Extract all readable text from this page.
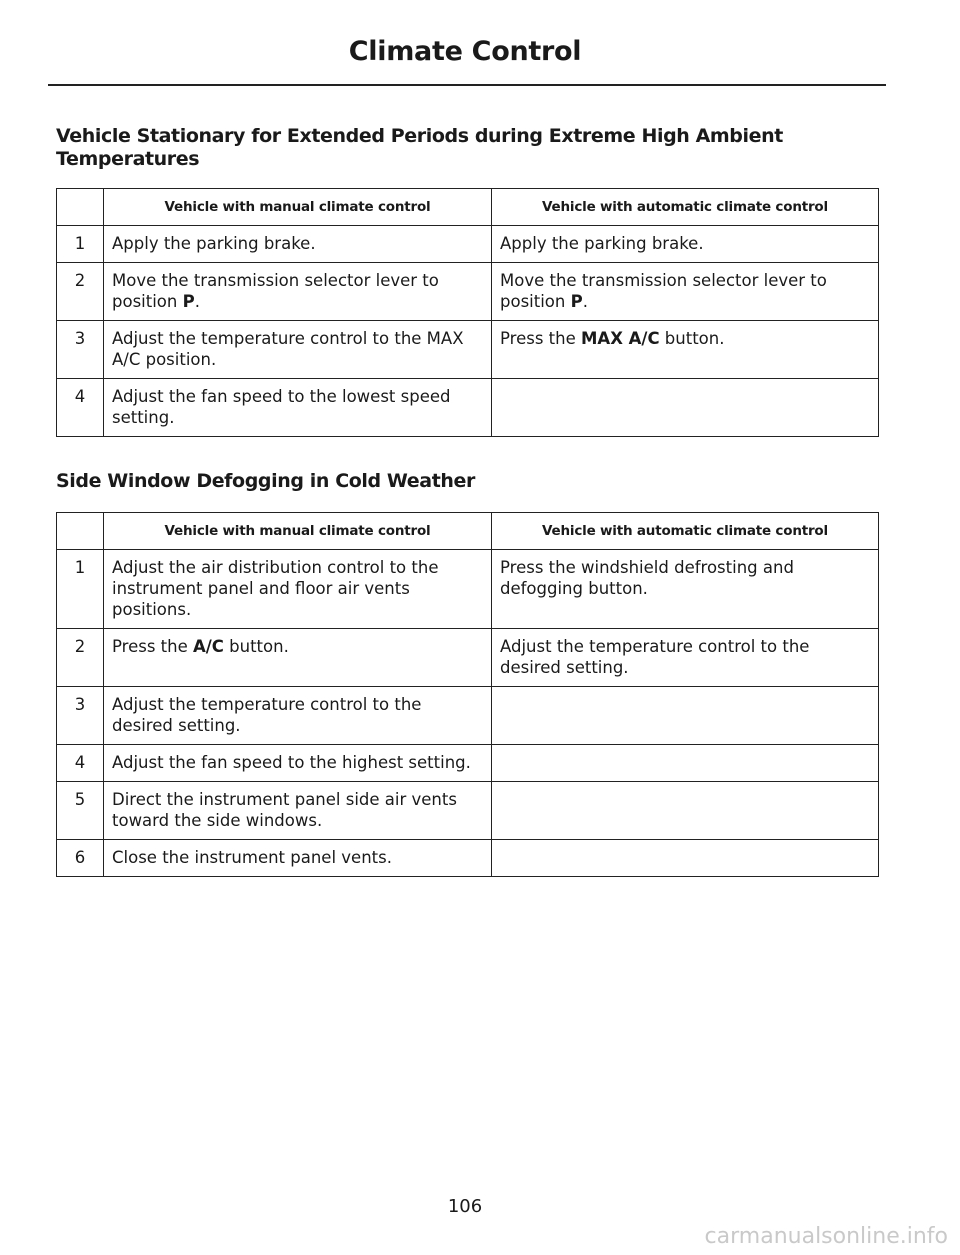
Climate Control
Vehicle Stationary for Extended Periods during Extreme High Ambient Temperatures
	Vehicle with manual climate control	Vehicle with automatic climate control
1	Apply the parking brake.	Apply the parking brake.
2	Move the transmission selector lever to position P.	Move the transmission selector lever to position P.
3	Adjust the temperature control to the MAX A/C position.	Press the MAX A/C button.
4	Adjust the fan speed to the lowest speed setting.	
Side Window Defogging in Cold Weather
	Vehicle with manual climate control	Vehicle with automatic climate control
1	Adjust the air distribution control to the instrument panel and floor air vents positions.	Press the windshield defrosting and defogging button.
2	Press the A/C button.	Adjust the temperature control to the desired setting.
3	Adjust the temperature control to the desired setting.	
4	Adjust the fan speed to the highest setting.	
5	Direct the instrument panel side air vents toward the side windows.	
6	Close the instrument panel vents.	
106
carmanualsonline.info
